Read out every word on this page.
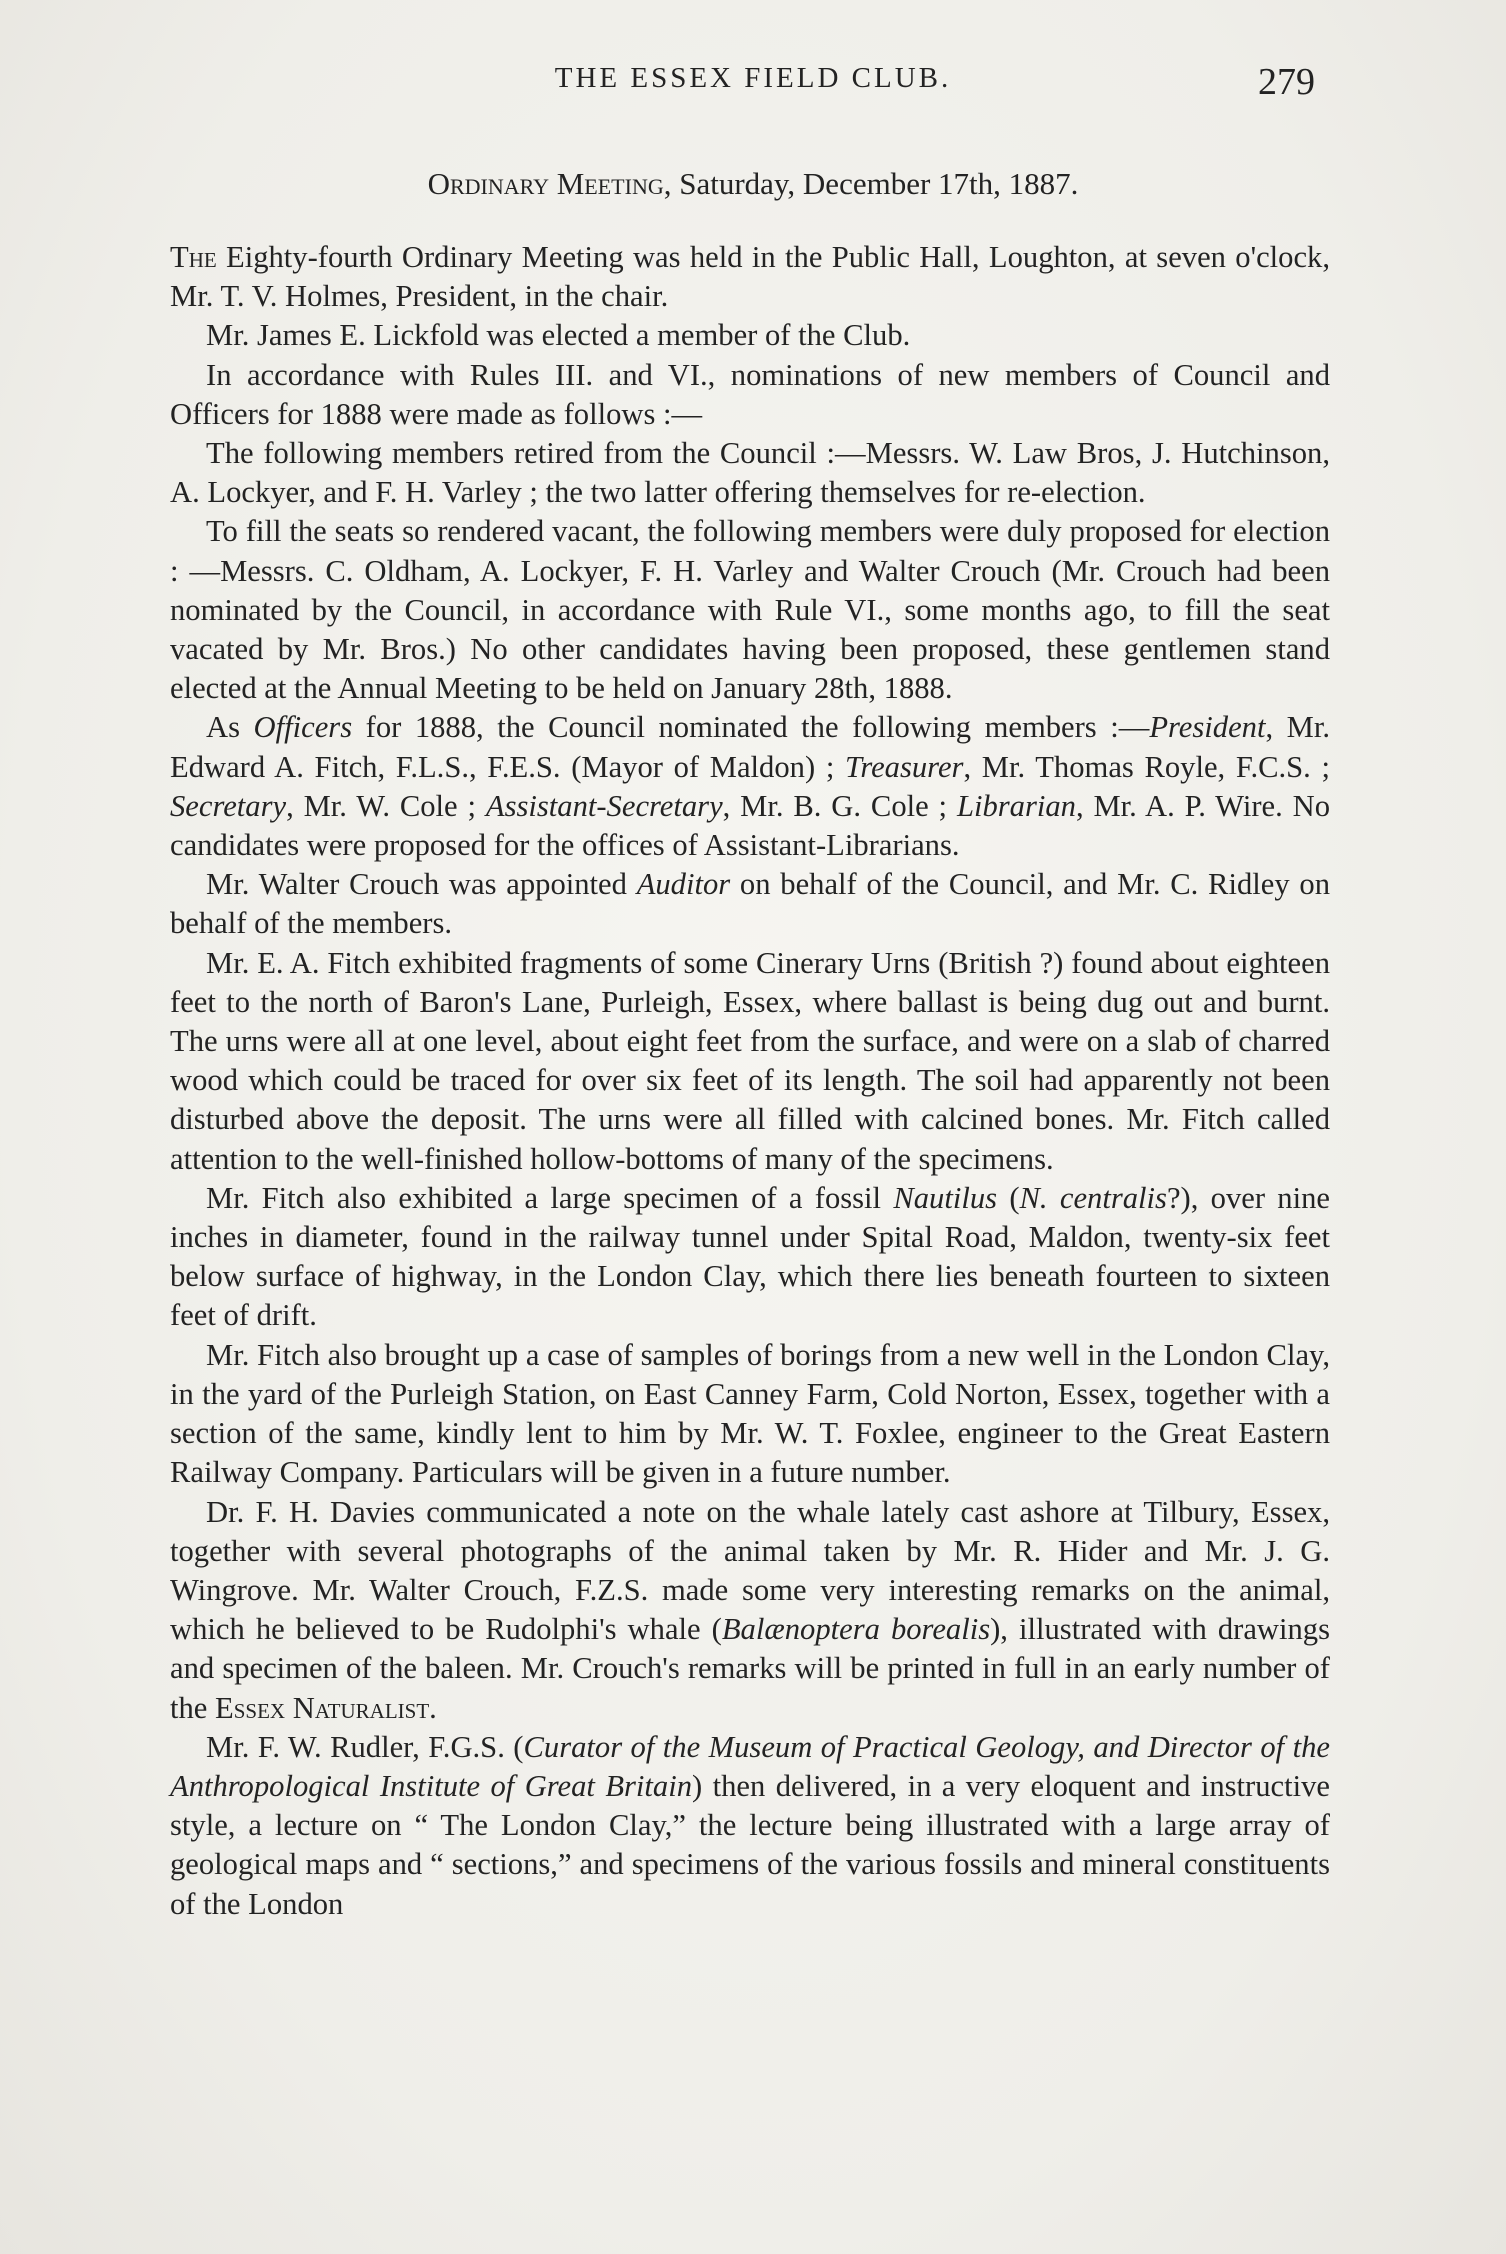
THE ESSEX FIELD CLUB.	279
Ordinary Meeting, Saturday, December 17th, 1887.

The Eighty-fourth Ordinary Meeting was held in the Public Hall, Loughton, at seven o'clock, Mr. T. V. Holmes, President, in the chair.

Mr. James E. Lickfold was elected a member of the Club.

In accordance with Rules III. and VI., nominations of new members of Council and Officers for 1888 were made as follows :—

The following members retired from the Council :—Messrs. W. Law Bros, J. Hutchinson, A. Lockyer, and F. H. Varley ; the two latter offering themselves for re-election.

To fill the seats so rendered vacant, the following members were duly proposed for election : —Messrs. C. Oldham, A. Lockyer, F. H. Varley and Walter Crouch (Mr. Crouch had been nominated by the Council, in accordance with Rule VI., some months ago, to fill the seat vacated by Mr. Bros.) No other candidates having been proposed, these gentlemen stand elected at the Annual Meeting to be held on January 28th, 1888.

As Officers for 1888, the Council nominated the following members :—President, Mr. Edward A. Fitch, F.L.S., F.E.S. (Mayor of Maldon) ; Treasurer, Mr. Thomas Royle, F.C.S. ; Secretary, Mr. W. Cole ; Assistant-Secretary, Mr. B. G. Cole ; Librarian, Mr. A. P. Wire. No candidates were proposed for the offices of Assistant-Librarians.

Mr. Walter Crouch was appointed Auditor on behalf of the Council, and Mr. C. Ridley on behalf of the members.

Mr. E. A. Fitch exhibited fragments of some Cinerary Urns (British ?) found about eighteen feet to the north of Baron's Lane, Purleigh, Essex, where ballast is being dug out and burnt. The urns were all at one level, about eight feet from the surface, and were on a slab of charred wood which could be traced for over six feet of its length. The soil had apparently not been disturbed above the deposit. The urns were all filled with calcined bones. Mr. Fitch called attention to the well-finished hollow-bottoms of many of the specimens.

Mr. Fitch also exhibited a large specimen of a fossil Nautilus (N. centralis?), over nine inches in diameter, found in the railway tunnel under Spital Road, Maldon, twenty-six feet below surface of highway, in the London Clay, which there lies beneath fourteen to sixteen feet of drift.

Mr. Fitch also brought up a case of samples of borings from a new well in the London Clay, in the yard of the Purleigh Station, on East Canney Farm, Cold Norton, Essex, together with a section of the same, kindly lent to him by Mr. W. T. Foxlee, engineer to the Great Eastern Railway Company. Particulars will be given in a future number.

Dr. F. H. Davies communicated a note on the whale lately cast ashore at Tilbury, Essex, together with several photographs of the animal taken by Mr. R. Hider and Mr. J. G. Wingrove. Mr. Walter Crouch, F.Z.S. made some very interesting remarks on the animal, which he believed to be Rudolphi's whale (Balænoptera borealis), illustrated with drawings and specimen of the baleen. Mr. Crouch's remarks will be printed in full in an early number of the Essex Naturalist.

Mr. F. W. Rudler, F.G.S. (Curator of the Museum of Practical Geology, and Director of the Anthropological Institute of Great Britain) then delivered, in a very eloquent and instructive style, a lecture on “ The London Clay,” the lecture being illustrated with a large array of geological maps and “ sections,” and specimens of the various fossils and mineral constituents of the London
